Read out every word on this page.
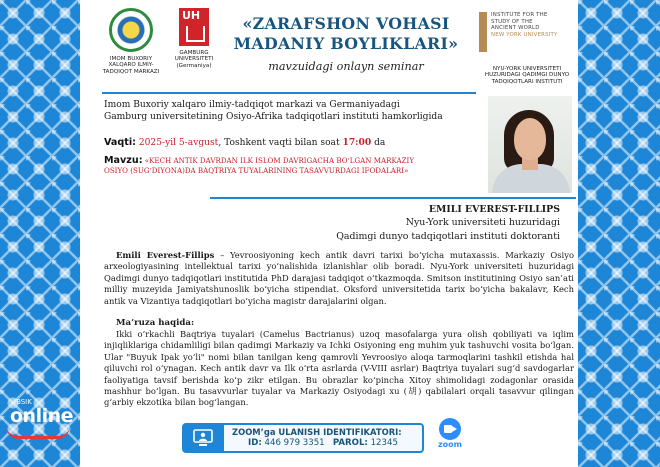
IBSIK
online
IMOM BUXORIY XALQARO ILMIY-TADQIQOT MARKAZI
UH
GAMBURG UNIVERSITETI
(Germaniya)
«ZARAFSHON VOHASI
MADANIY BOYLIKLARI»
mavzuidagi onlayn seminar
INSTITUTE FOR THE
STUDY OF THE
ANCIENT WORLD
NEW YORK UNIVERSITY
NYU-YORK UNIVERSITETI HUZURIDAGI QADIMGI DUNYO TADQIQOTLARI INSTITUTI
Imom Buxoriy xalqaro ilmiy-tadqiqot markazi va Germaniyadagi
Gamburg universitetining Osiyo-Afrika tadqiqotlari instituti hamkorligida
Vaqti: 2025-yil 5-avgust, Toshkent vaqti bilan soat 17:00 da
Mavzu: «KECH ANTIK DAVRDAN ILK ISLOM DAVRIGACHA BO‘LGAN MARKAZIY
OSIYO (SUG‘DIYONA)DA BAQTRIYA TUYALARINING TASAVVURDAGI IFODALARI»
EMILI EVEREST-FILLIPS
Nyu-York universiteti huzuridagi
Qadimgi dunyo tadqiqotlari instituti doktoranti

Emili Everest-Fillips – Yevroosiyoning kech antik davri tarixi bo‘yicha mutaxassis. Markaziy Osiyo arxeologiyasining intellektual tarixi yo‘nalishida izlanishlar olib boradi. Nyu-York universiteti huzuridagi Qadimgi dunyo tadqiqotlari institutida PhD darajasi tadqiqot o‘tkazmoqda. Smitson institutining Osiyo san’ati milliy muzeyida Jamiyatshunoslik bo‘yicha stipendiat. Oksford universitetida tarix bo‘yicha bakalavr, Kech antik va Vizantiya tadqiqotlari bo‘yicha magistr darajalarini olgan.

Ma’ruza haqida:

Ikki o‘rkachli Baqtriya tuyalari (Camelus Bactrianus) uzoq masofalarga yura olish qobiliyati va iqlim injiqliklariga chidamliligi bilan qadimgi Markaziy va Ichki Osiyoning eng muhim yuk tashuvchi vosita bo‘lgan. Ular "Buyuk Ipak yo‘li" nomi bilan tanilgan keng qamrovli Yevroosiyo aloqa tarmoqlarini tashkil etishda hal qiluvchi rol o‘ynagan. Kech antik davr va Ilk o‘rta asrlarda (V-VIII asrlar) Baqtriya tuyalari sug‘d savdogarlar faoliyatiga tavsif berishda ko‘p zikr etilgan. Bu obrazlar ko‘pincha Xitoy shimolidagi zodagonlar orasida mashhur bo‘lgan. Bu tasavvurlar tuyalar va Markaziy Osiyodagi xu (胡) qabilalari orqali tasavvur qilingan g‘arbiy ekzotika bilan bog‘langan.

ZOOM’ga ULANISH IDENTIFIKATORI:
ID: 446 979 3351 PAROL: 12345	zoom
